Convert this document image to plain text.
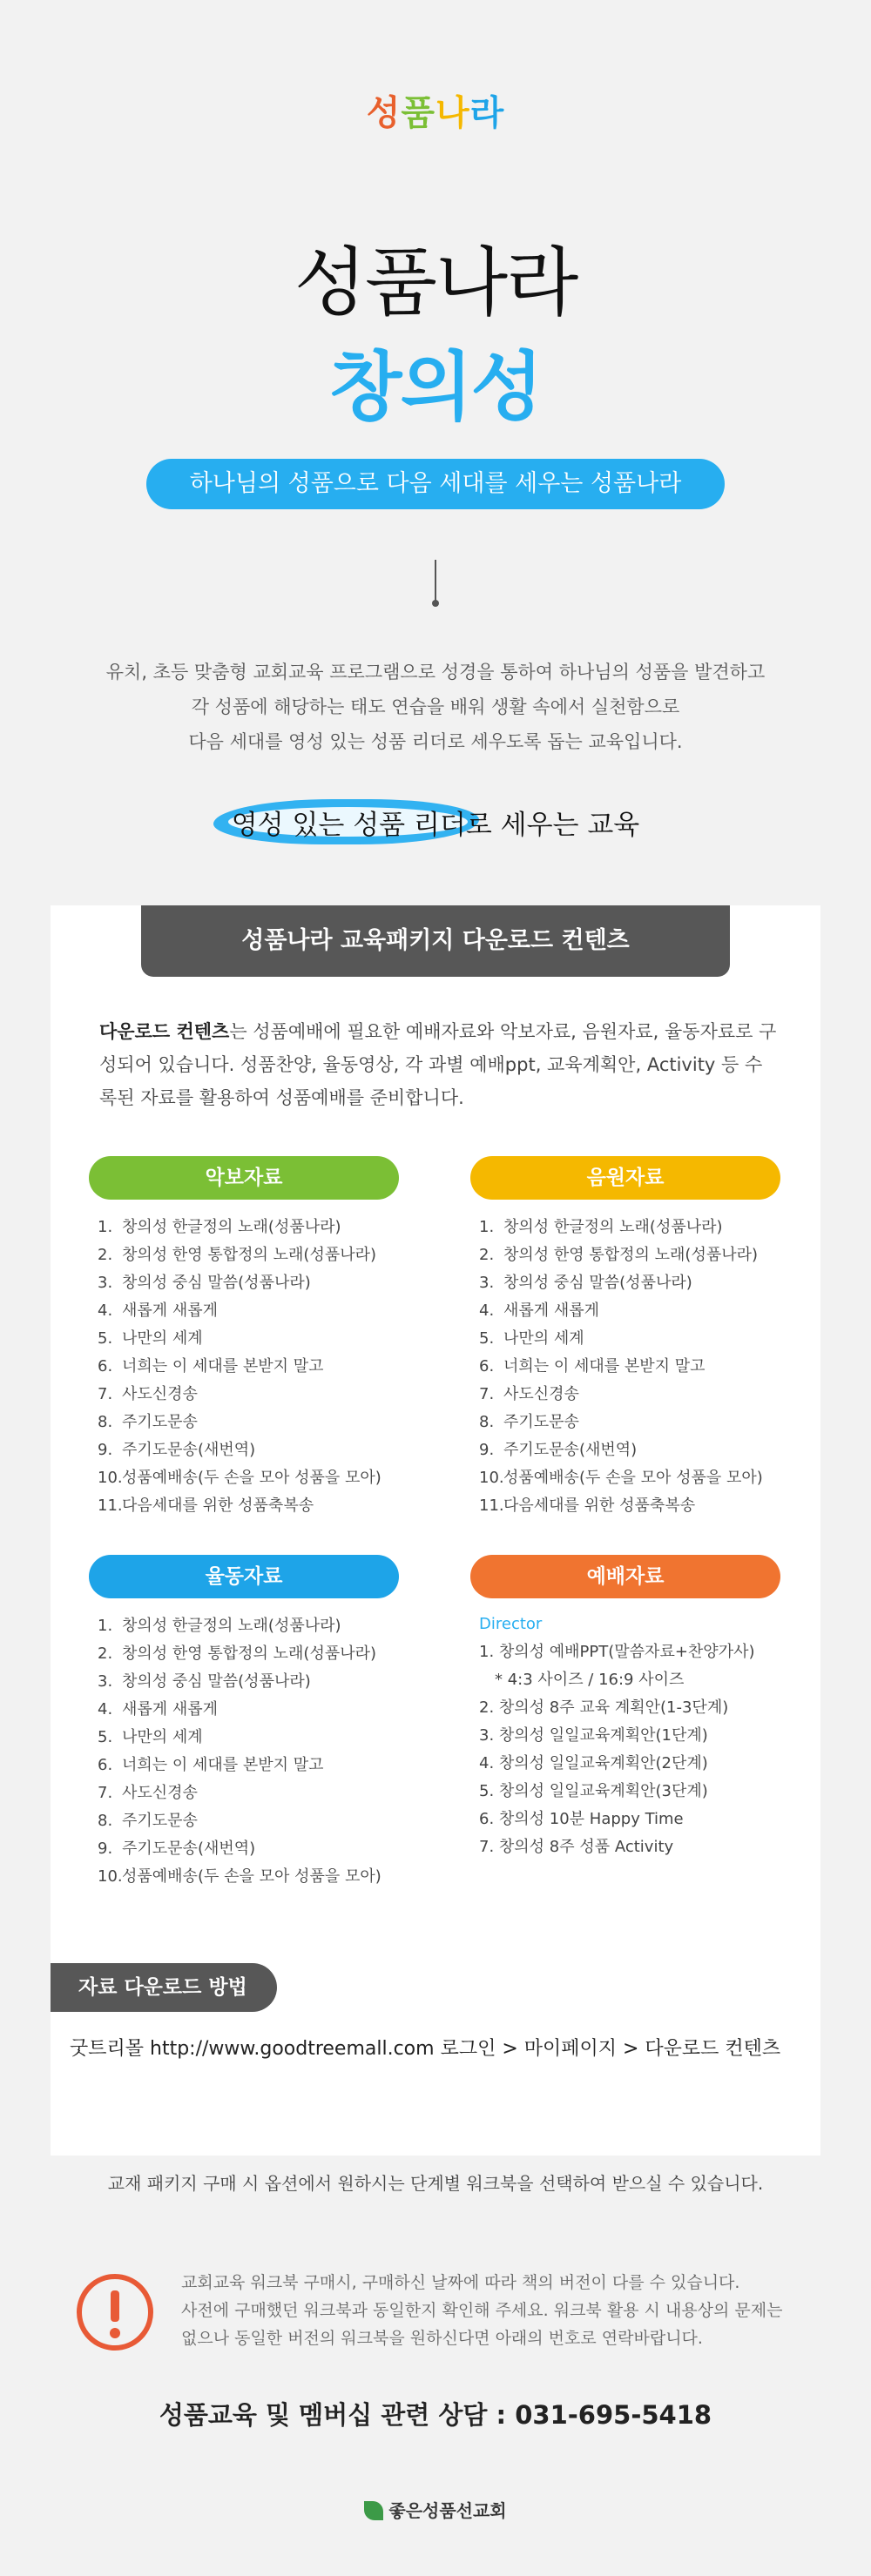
성품나라
성품나라
창의성
하나님의 성품으로 다음 세대를 세우는 성품나라
유치, 초등 맞춤형 교회교육 프로그램으로 성경을 통하여 하나님의 성품을 발견하고
각 성품에 해당하는 태도 연습을 배워 생활 속에서 실천함으로
다음 세대를 영성 있는 성품 리더로 세우도록 돕는 교육입니다.
영성 있는 성품 리더로 세우는 교육
성품나라 교육패키지 다운로드 컨텐츠
다운로드 컨텐츠는 성품예배에 필요한 예배자료와 악보자료, 음원자료, 율동자료로 구성되어 있습니다. 성품찬양, 율동영상, 각 과별 예배ppt, 교육계획안, Activity 등 수록된 자료를 활용하여 성품예배를 준비합니다.
악보자료
1. 창의성 한글정의 노래(성품나라)
2. 창의성 한영 통합정의 노래(성품나라)
3. 창의성 중심 말씀(성품나라)
4. 새롭게 새롭게
5. 나만의 세계
6. 너희는 이 세대를 본받지 말고
7. 사도신경송
8. 주기도문송
9. 주기도문송(새번역)
10.성품예배송(두 손을 모아 성품을 모아)
11.다음세대를 위한 성품축복송
음원자료
1. 창의성 한글정의 노래(성품나라)
2. 창의성 한영 통합정의 노래(성품나라)
3. 창의성 중심 말씀(성품나라)
4. 새롭게 새롭게
5. 나만의 세계
6. 너희는 이 세대를 본받지 말고
7. 사도신경송
8. 주기도문송
9. 주기도문송(새번역)
10.성품예배송(두 손을 모아 성품을 모아)
11.다음세대를 위한 성품축복송
율동자료
1. 창의성 한글정의 노래(성품나라)
2. 창의성 한영 통합정의 노래(성품나라)
3. 창의성 중심 말씀(성품나라)
4. 새롭게 새롭게
5. 나만의 세계
6. 너희는 이 세대를 본받지 말고
7. 사도신경송
8. 주기도문송
9. 주기도문송(새번역)
10.성품예배송(두 손을 모아 성품을 모아)
예배자료
Director
1. 창의성 예배PPT(말씀자료+찬양가사)
* 4:3 사이즈 / 16:9 사이즈
2. 창의성 8주 교육 계획안(1-3단계)
3. 창의성 일일교육계획안(1단계)
4. 창의성 일일교육계획안(2단계)
5. 창의성 일일교육계획안(3단계)
6. 창의성 10분 Happy Time
7. 창의성 8주 성품 Activity
자료 다운로드 방법
굿트리몰 http://www.goodtreemall.com 로그인 > 마이페이지 > 다운로드 컨텐츠
교재 패키지 구매 시 옵션에서 원하시는 단계별 워크북을 선택하여 받으실 수 있습니다.
교회교육 워크북 구매시, 구매하신 날짜에 따라 책의 버전이 다를 수 있습니다.
사전에 구매했던 워크북과 동일한지 확인해 주세요. 워크북 활용 시 내용상의 문제는
없으나 동일한 버전의 워크북을 원하신다면 아래의 번호로 연락바랍니다.
성품교육 및 멤버십 관련 상담 : 031-695-5418
좋은성품선교회
